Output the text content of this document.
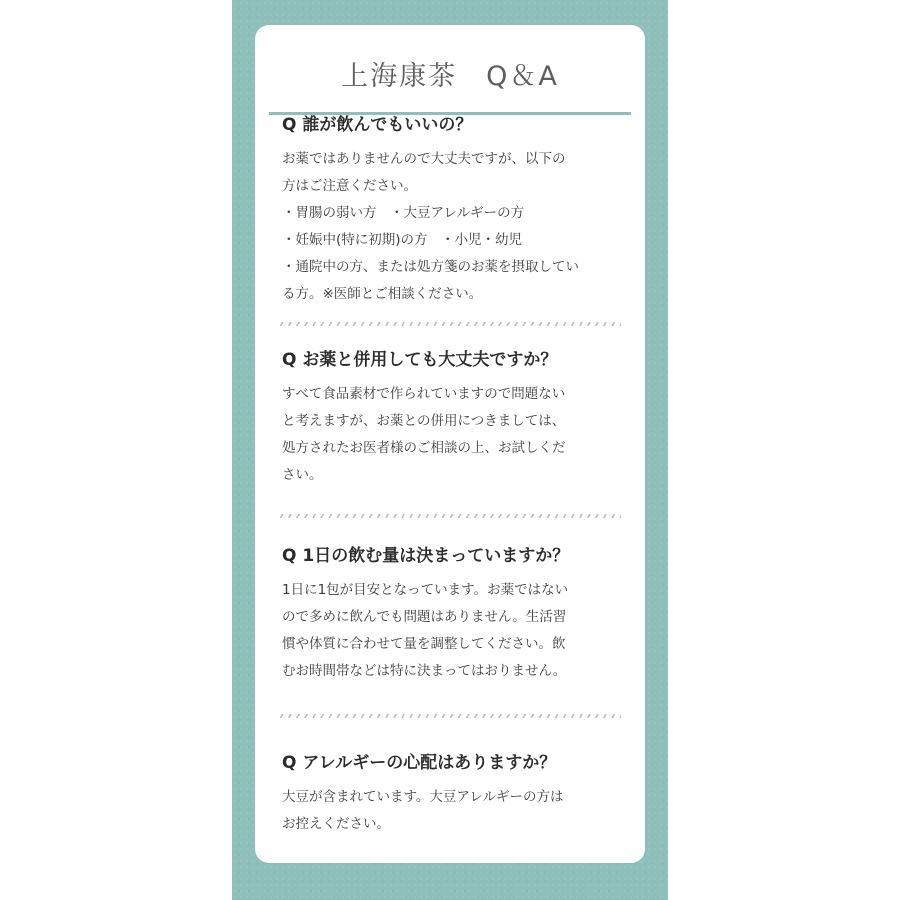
上海康茶　Q＆A
Q 誰が飲んでもいいの？
お薬ではありませんので大丈夫ですが、以下の
方はご注意ください。
・胃腸の弱い方　・大豆アレルギーの方
・妊娠中(特に初期)の方　・小児・幼児
・通院中の方、または処方箋のお薬を摂取してい
る方。※医師とご相談ください。
Q お薬と併用しても大丈夫ですか？
すべて食品素材で作られていますので問題ない
と考えますが、お薬との併用につきましては、
処方されたお医者様のご相談の上、お試しくだ
さい。
Q 1日の飲む量は決まっていますか？
1日に1包が目安となっています。お薬ではない
ので多めに飲んでも問題はありません。生活習
慣や体質に合わせて量を調整してください。飲
むお時間帯などは特に決まってはおりません。
Q アレルギーの心配はありますか？
大豆が含まれています。大豆アレルギーの方は
お控えください。
